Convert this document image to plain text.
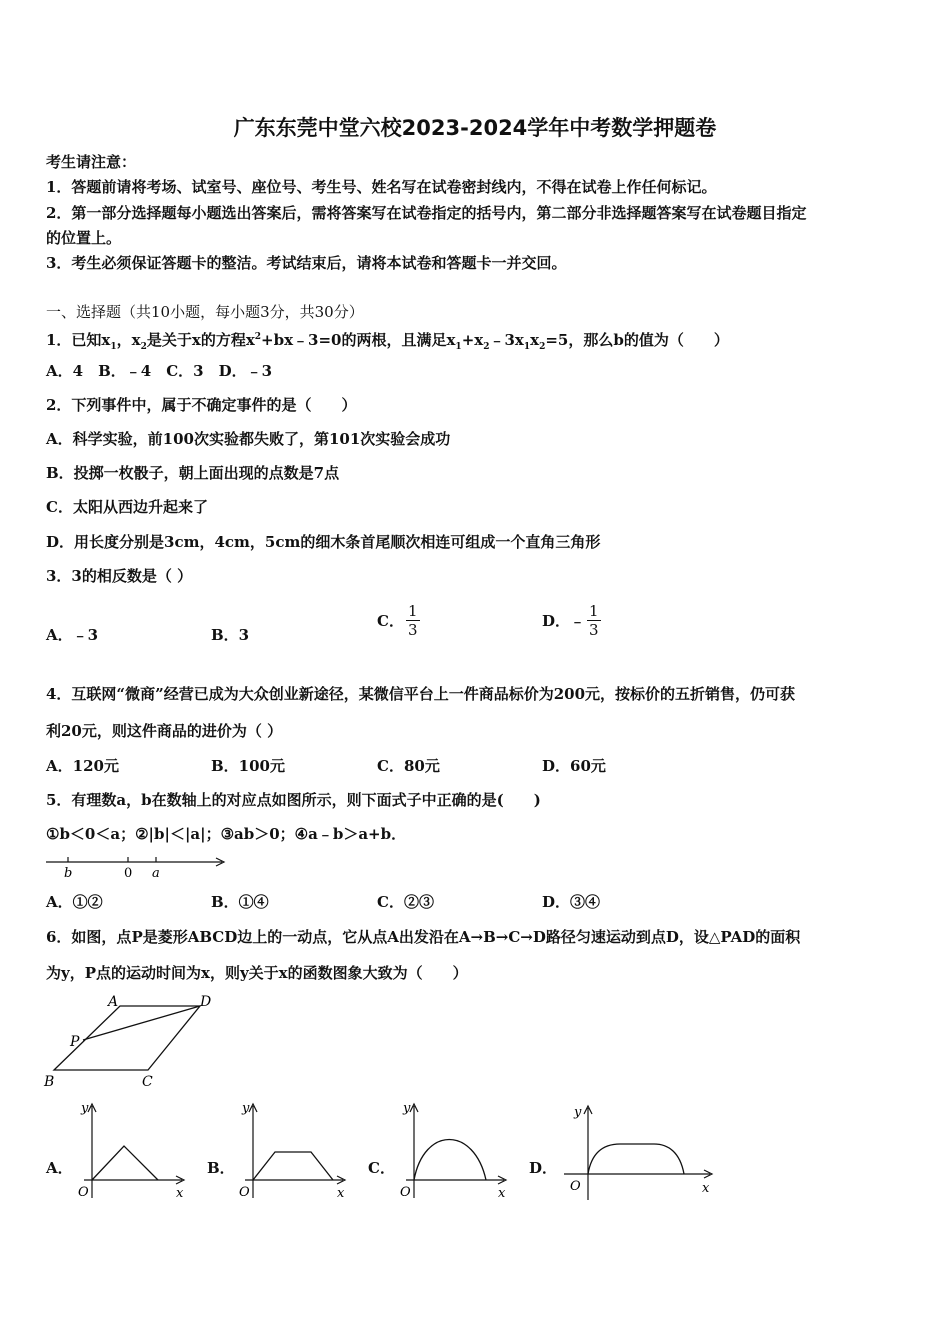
广东东莞中堂六校2023-2024学年中考数学押题卷
考生请注意：
1．答题前请将考场、试室号、座位号、考生号、姓名写在试卷密封线内，不得在试卷上作任何标记。
2．第一部分选择题每小题选出答案后，需将答案写在试卷指定的括号内，第二部分非选择题答案写在试卷题目指定
的位置上。
3．考生必须保证答题卡的整洁。考试结束后，请将本试卷和答题卡一并交回。
一、选择题（共10小题，每小题3分，共30分）
1．已知$x_1$，$x_2$是关于x的方程$x^2+bx﹣3=0$的两根，且满足$x_1+x_2﹣3x_1x_2=5$，那么b的值为（　　）
A．4　B．﹣4　C．3　D．﹣3
2．下列事件中，属于不确定事件的是（　　）
A．科学实验，前100次实验都失败了，第101次实验会成功
B．投掷一枚骰子，朝上面出现的点数是7点
C．太阳从西边升起来了
D．用长度分别是3cm，4cm，5cm的细木条首尾顺次相连可组成一个直角三角形
3．3的相反数是（ ）
A．﹣3	B．3
C． $\frac{1}{3}$	D．﹣ $\frac{1}{3}$
4．互联网“微商”经营已成为大众创业新途径，某微信平台上一件商品标价为200元，按标价的五折销售，仍可获
利20元，则这件商品的进价为（ ）
A．120元	B．100元	C．80元	D．60元
5．有理数a，b在数轴上的对应点如图所示，则下面式子中正确的是(　　)
①b＜0＜a；②|b|＜|a|；③ab＞0；④a﹣b＞a+b．
b	0 a
A．①②	B．①④	C．②③	D．③④
6．如图，点P是菱形ABCD边上的一动点，它从点A出发沿在A→B→C→D路径匀速运动到点D，设△PAD的面积
为y，P点的运动时间为x，则y关于x的函数图象大致为（　　）
A	D
P
B	C
A．
y
x
O
B．
y
x
O
C．
y
x
O
D．
y
x
O
